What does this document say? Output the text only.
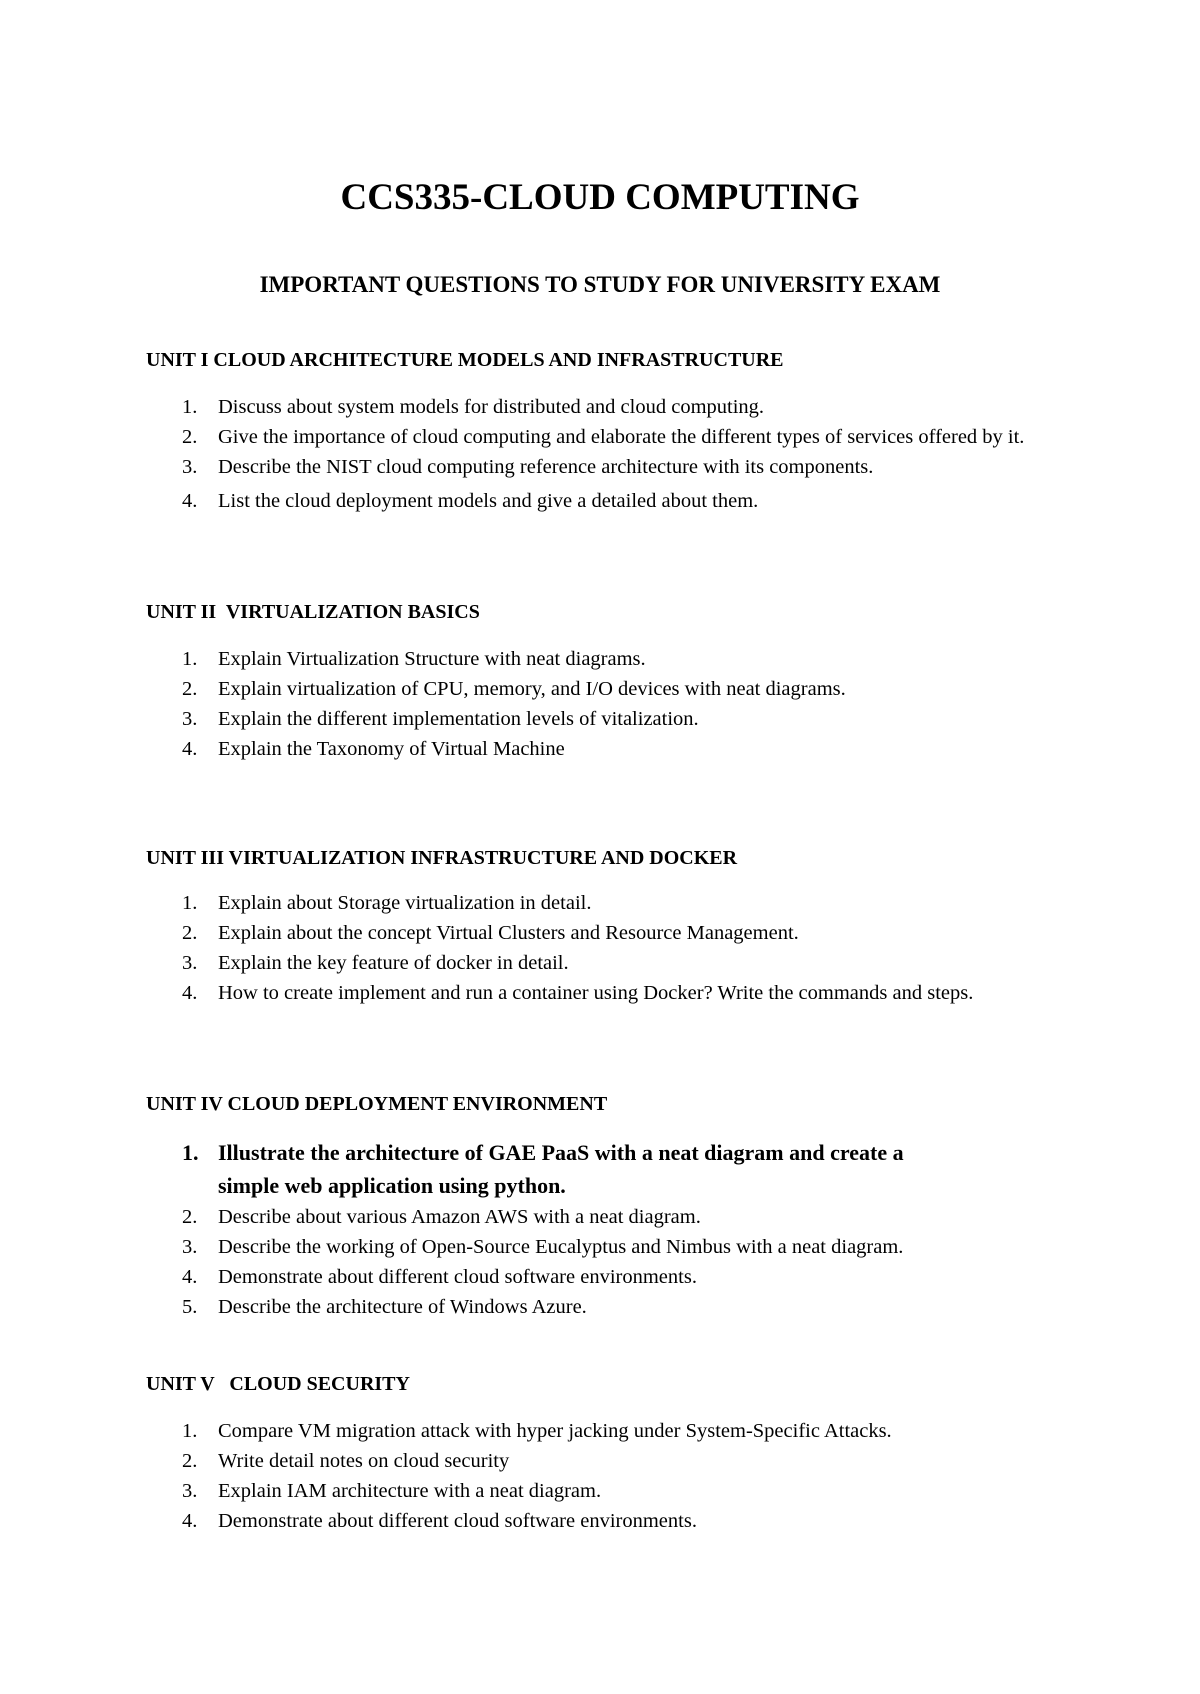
CCS335-CLOUD COMPUTING
IMPORTANT QUESTIONS TO STUDY FOR UNIVERSITY EXAM
UNIT I CLOUD ARCHITECTURE MODELS AND INFRASTRUCTURE
1.	Discuss about system models for distributed and cloud computing.
2.	Give the importance of cloud computing and elaborate the different types of services offered by it.
3.	Describe the NIST cloud computing reference architecture with its components.
4.	List the cloud deployment models and give a detailed about them.
UNIT II  VIRTUALIZATION BASICS
1.	Explain Virtualization Structure with neat diagrams.
2.	Explain virtualization of CPU, memory, and I/O devices with neat diagrams.
3.	Explain the different implementation levels of vitalization.
4.	Explain the Taxonomy of Virtual Machine
UNIT III VIRTUALIZATION INFRASTRUCTURE AND DOCKER
1.	Explain about Storage virtualization in detail.
2.	Explain about the concept Virtual Clusters and Resource Management.
3.	Explain the key feature of docker in detail.
4.	How to create implement and run a container using Docker? Write the commands and steps.
UNIT IV CLOUD DEPLOYMENT ENVIRONMENT
1. Illustrate the architecture of GAE PaaS with a neat diagram and create a simple web application using python.
2.	Describe about various Amazon AWS with a neat diagram.
3.	Describe the working of Open-Source Eucalyptus and Nimbus with a neat diagram.
4.	Demonstrate about different cloud software environments.
5.	Describe the architecture of Windows Azure.
UNIT V   CLOUD SECURITY
1.	Compare VM migration attack with hyper jacking under System-Specific Attacks.
2.	Write detail notes on cloud security
3.	Explain IAM architecture with a neat diagram.
4.	Demonstrate about different cloud software environments.
